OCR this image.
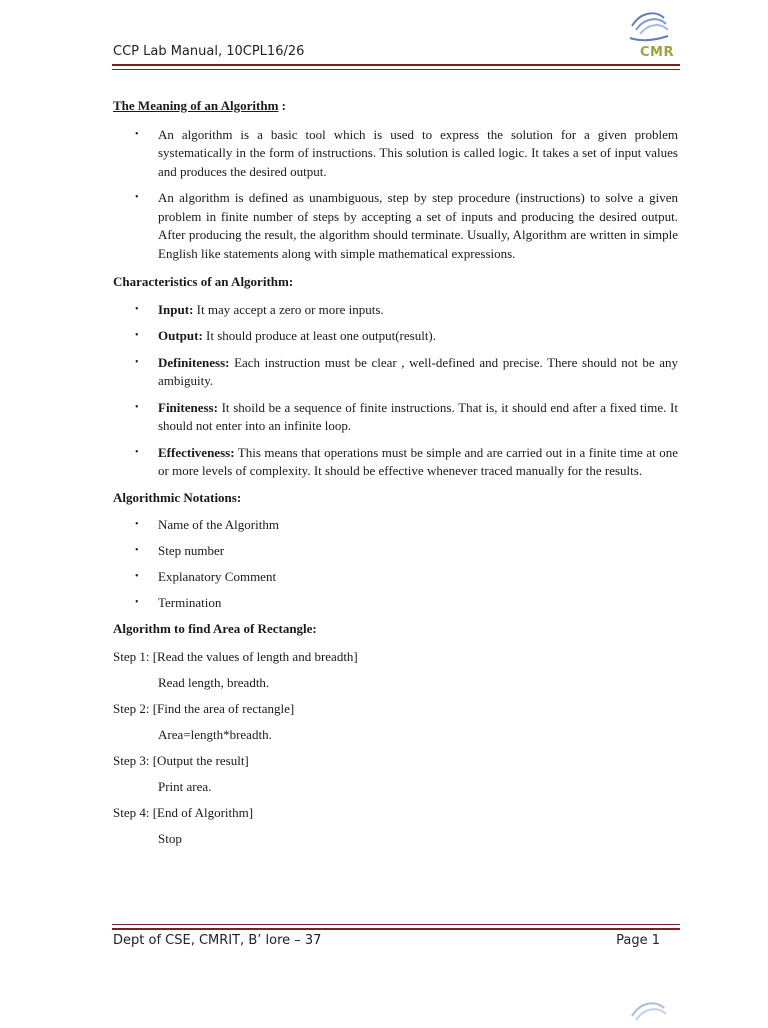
CCP Lab Manual, 10CPL16/26	CMR

The Meaning of an Algorithm :

• An algorithm is a basic tool which is used to express the solution for a given problem systematically in the form of instructions. This solution is called logic. It takes a set of input values and produces the desired output.
• An algorithm is defined as unambiguous, step by step procedure (instructions) to solve a given problem in finite number of steps by accepting a set of inputs and producing the desired output. After producing the result, the algorithm should terminate. Usually, Algorithm are written in simple English like statements along with simple mathematical expressions.

Characteristics of an Algorithm:

• Input: It may accept a zero or more inputs.
• Output: It should produce at least one output(result).
• Definiteness: Each instruction must be clear , well-defined and precise. There should not be any ambiguity.
• Finiteness: It shoild be a sequence of finite instructions. That is, it should end after a fixed time. It should not enter into an infinite loop.
• Effectiveness: This means that operations must be simple and are carried out in a finite time at one or more levels of complexity. It should be effective whenever traced manually for the results.

Algorithmic Notations:

• Name of the Algorithm
• Step number
• Explanatory Comment
• Termination

Algorithm to find Area of Rectangle:

Step 1: [Read the values of length and breadth]

Read length, breadth.

Step 2: [Find the area of rectangle]

Area=length*breadth.

Step 3: [Output the result]

Print area.

Step 4: [End of Algorithm]

Stop

Dept of CSE, CMRIT, B’ lore – 37	Page 1
